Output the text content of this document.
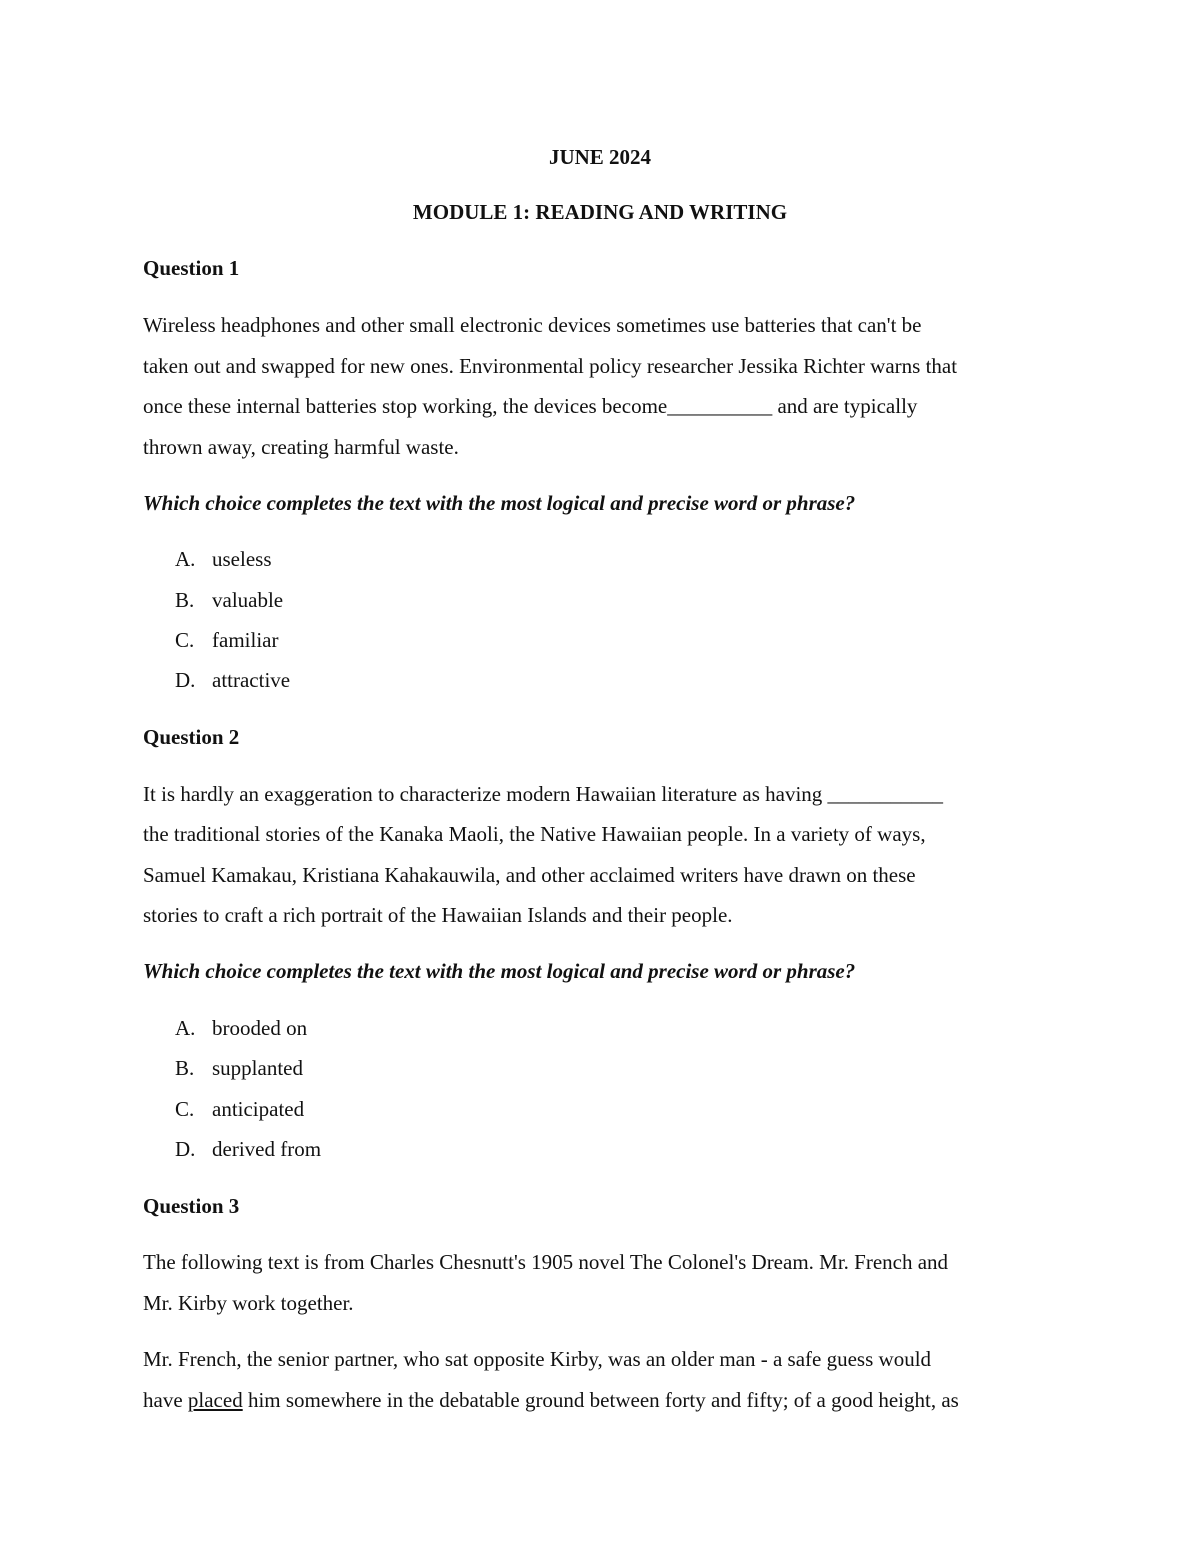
JUNE 2024
MODULE 1: READING AND WRITING
Question 1
Wireless headphones and other small electronic devices sometimes use batteries that can't be
taken out and swapped for new ones. Environmental policy researcher Jessika Richter warns that
once these internal batteries stop working, the devices become__________ and are typically
thrown away, creating harmful waste.
Which choice completes the text with the most logical and precise word or phrase?
A. useless
B. valuable
C. familiar
D. attractive
Question 2
It is hardly an exaggeration to characterize modern Hawaiian literature as having ___________
the traditional stories of the Kanaka Maoli, the Native Hawaiian people. In a variety of ways,
Samuel Kamakau, Kristiana Kahakauwila, and other acclaimed writers have drawn on these
stories to craft a rich portrait of the Hawaiian Islands and their people.
Which choice completes the text with the most logical and precise word or phrase?
A. brooded on
B. supplanted
C. anticipated
D. derived from
Question 3
The following text is from Charles Chesnutt's 1905 novel The Colonel's Dream. Mr. French and
Mr. Kirby work together.
Mr. French, the senior partner, who sat opposite Kirby, was an older man - a safe guess would
have placed him somewhere in the debatable ground between forty and fifty; of a good height, as
